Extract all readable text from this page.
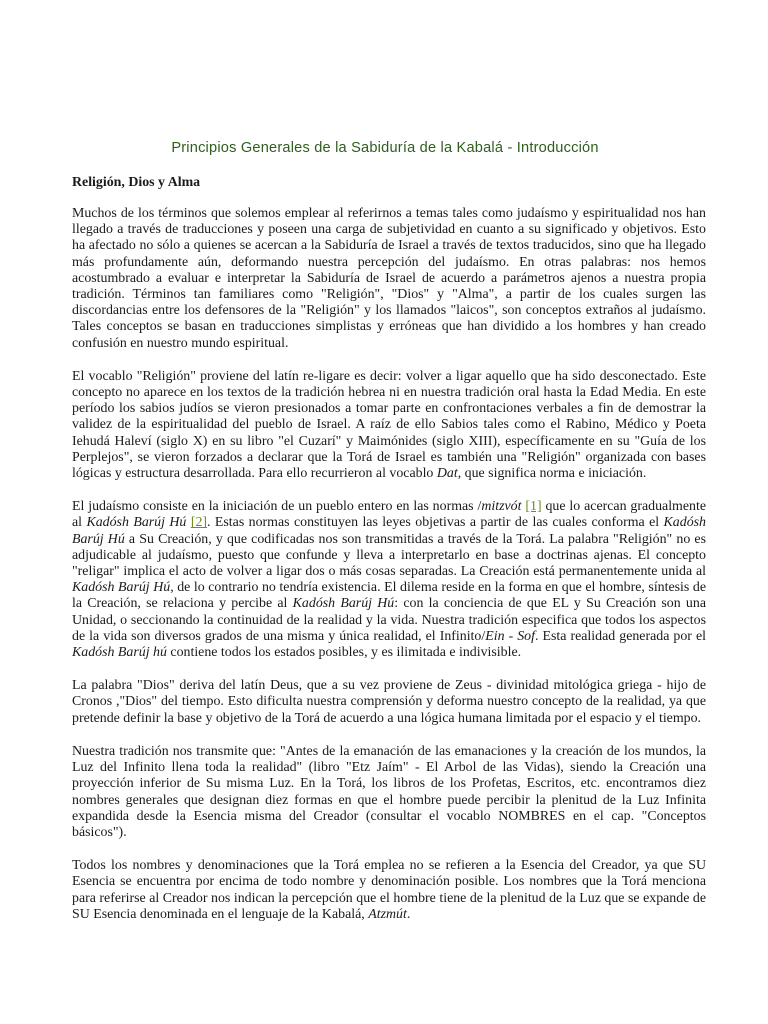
Principios Generales de la Sabiduría de la Kabalá - Introducción
Religión, Dios y Alma

Muchos de los términos que solemos emplear al referirnos a temas tales como judaísmo y espiritualidad nos han llegado a través de traducciones y poseen una carga de subjetividad en cuanto a su significado y objetivos. Esto ha afectado no sólo a quienes se acercan a la Sabiduría de Israel a través de textos traducidos, sino que ha llegado más profundamente aún, deformando nuestra percepción del judaísmo. En otras palabras: nos hemos acostumbrado a evaluar e interpretar la Sabiduría de Israel de acuerdo a parámetros ajenos a nuestra propia tradición. Términos tan familiares como "Religión", "Dios" y "Alma", a partir de los cuales surgen las discordancias entre los defensores de la "Religión" y los llamados "laicos", son conceptos extraños al judaísmo. Tales conceptos se basan en traducciones simplistas y erróneas que han dividido a los hombres y han creado confusión en nuestro mundo espiritual.

El vocablo "Religión" proviene del latín re-ligare es decir: volver a ligar aquello que ha sido desconectado. Este concepto no aparece en los textos de la tradición hebrea ni en nuestra tradición oral hasta la Edad Media. En este período los sabios judíos se vieron presionados a tomar parte en confrontaciones verbales a fin de demostrar la validez de la espiritualidad del pueblo de Israel. A raíz de ello Sabios tales como el Rabino, Médico y Poeta Iehudá Haleví (siglo X) en su libro "el Cuzarí" y Maimónides (siglo XIII), específicamente en su "Guía de los Perplejos", se vieron forzados a declarar que la Torá de Israel es también una "Religión" organizada con bases lógicas y estructura desarrollada. Para ello recurrieron al vocablo Dat, que significa norma e iniciación.

El judaísmo consiste en la iniciación de un pueblo entero en las normas /mitzvót [1] que lo acercan gradualmente al Kadósh Barúj Hú [2]. Estas normas constituyen las leyes objetivas a partir de las cuales conforma el Kadósh Barúj Hú a Su Creación, y que codificadas nos son transmitidas a través de la Torá. La palabra "Religión" no es adjudicable al judaísmo, puesto que confunde y lleva a interpretarlo en base a doctrinas ajenas. El concepto "religar" implica el acto de volver a ligar dos o más cosas separadas. La Creación está permanentemente unida al Kadósh Barúj Hú, de lo contrario no tendría existencia. El dilema reside en la forma en que el hombre, síntesis de la Creación, se relaciona y percibe al Kadósh Barúj Hú: con la conciencia de que EL y Su Creación son una Unidad, o seccionando la continuidad de la realidad y la vida. Nuestra tradición especifica que todos los aspectos de la vida son diversos grados de una misma y única realidad, el Infinito/Ein - Sof. Esta realidad generada por el Kadósh Barúj hú contiene todos los estados posibles, y es ilimitada e indivisible.

La palabra "Dios" deriva del latín Deus, que a su vez proviene de Zeus - divinidad mitológica griega - hijo de Cronos ,"Dios" del tiempo. Esto dificulta nuestra comprensión y deforma nuestro concepto de la realidad, ya que pretende definir la base y objetivo de la Torá de acuerdo a una lógica humana limitada por el espacio y el tiempo.

Nuestra tradición nos transmite que: "Antes de la emanación de las emanaciones y la creación de los mundos, la Luz del Infinito llena toda la realidad" (libro "Etz Jaím" - El Arbol de las Vidas), siendo la Creación una proyección inferior de Su misma Luz. En la Torá, los libros de los Profetas, Escritos, etc. encontramos diez nombres generales que designan diez formas en que el hombre puede percibir la plenitud de la Luz Infinita expandida desde la Esencia misma del Creador (consultar el vocablo NOMBRES en el cap. "Conceptos básicos").

Todos los nombres y denominaciones que la Torá emplea no se refieren a la Esencia del Creador, ya que SU Esencia se encuentra por encima de todo nombre y denominación posible. Los nombres que la Torá menciona para referirse al Creador nos indican la percepción que el hombre tiene de la plenitud de la Luz que se expande de SU Esencia denominada en el lenguaje de la Kabalá, Atzmút.
